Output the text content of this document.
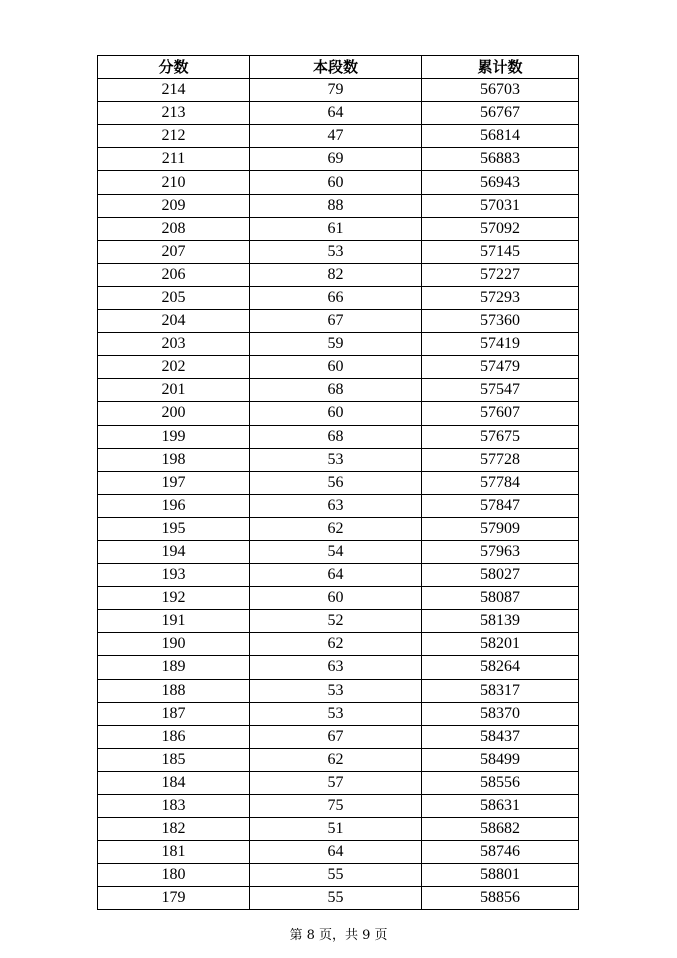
分数	本段数	累计数
214	79	56703
213	64	56767
212	47	56814
211	69	56883
210	60	56943
209	88	57031
208	61	57092
207	53	57145
206	82	57227
205	66	57293
204	67	57360
203	59	57419
202	60	57479
201	68	57547
200	60	57607
199	68	57675
198	53	57728
197	56	57784
196	63	57847
195	62	57909
194	54	57963
193	64	58027
192	60	58087
191	52	58139
190	62	58201
189	63	58264
188	53	58317
187	53	58370
186	67	58437
185	62	58499
184	57	58556
183	75	58631
182	51	58682
181	64	58746
180	55	58801
179	55	58856
第 8 页，共 9 页
